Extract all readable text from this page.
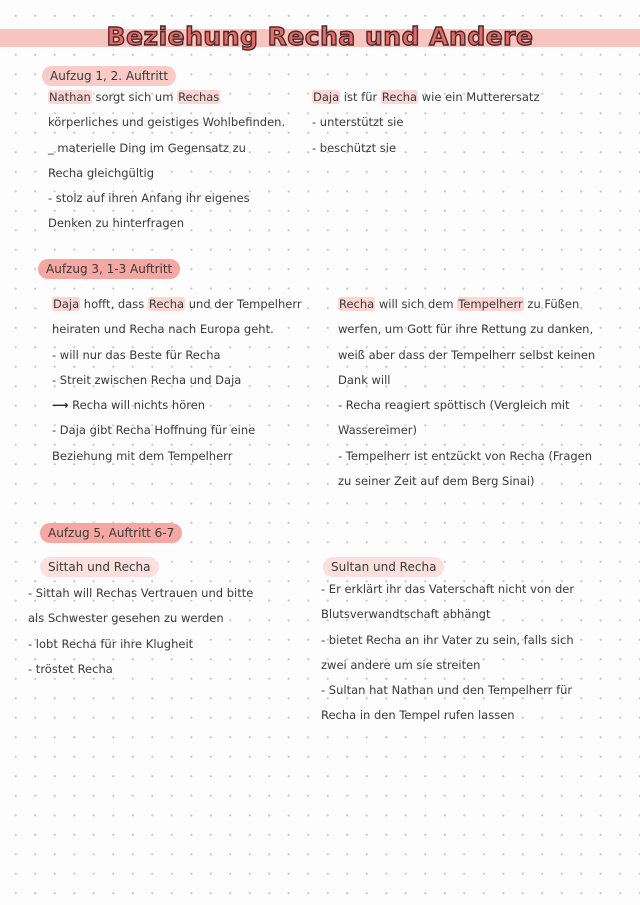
Beziehung Recha und Andere
Aufzug 1, 2. Auftritt
Nathan sorgt sich um Rechas
körperliches und geistiges Wohlbefinden.
_ materielle Ding im Gegensatz zu
Recha gleichgültig
- stolz auf ihren Anfang ihr eigenes
Denken zu hinterfragen
Daja ist für Recha wie ein Mutterersatz
- unterstützt sie
- beschützt sie
Aufzug 3, 1-3 Auftritt
Daja hofft, dass Recha und der Tempelherr
heiraten und Recha nach Europa geht.
- will nur das Beste für Recha
- Streit zwischen Recha und Daja
⟶ Recha will nichts hören
- Daja gibt Recha Hoffnung für eine
Beziehung mit dem Tempelherr
Recha will sich dem Tempelherr zu Füßen
werfen, um Gott für ihre Rettung zu danken,
weiß aber dass der Tempelherr selbst keinen
Dank will
- Recha reagiert spöttisch (Vergleich mit
Wassereimer)
- Tempelherr ist entzückt von Recha (Fragen
zu seiner Zeit auf dem Berg Sinai)
Aufzug 5, Auftritt 6-7
Sittah und Recha
- Sittah will Rechas Vertrauen und bitte
als Schwester gesehen zu werden
- lobt Recha für ihre Klugheit
- tröstet Recha
Sultan und Recha
- Er erklärt ihr das Vaterschaft nicht von der
Blutsverwandtschaft abhängt
- bietet Recha an ihr Vater zu sein, falls sich
zwei andere um sie streiten
- Sultan hat Nathan und den Tempelherr für
Recha in den Tempel rufen lassen
